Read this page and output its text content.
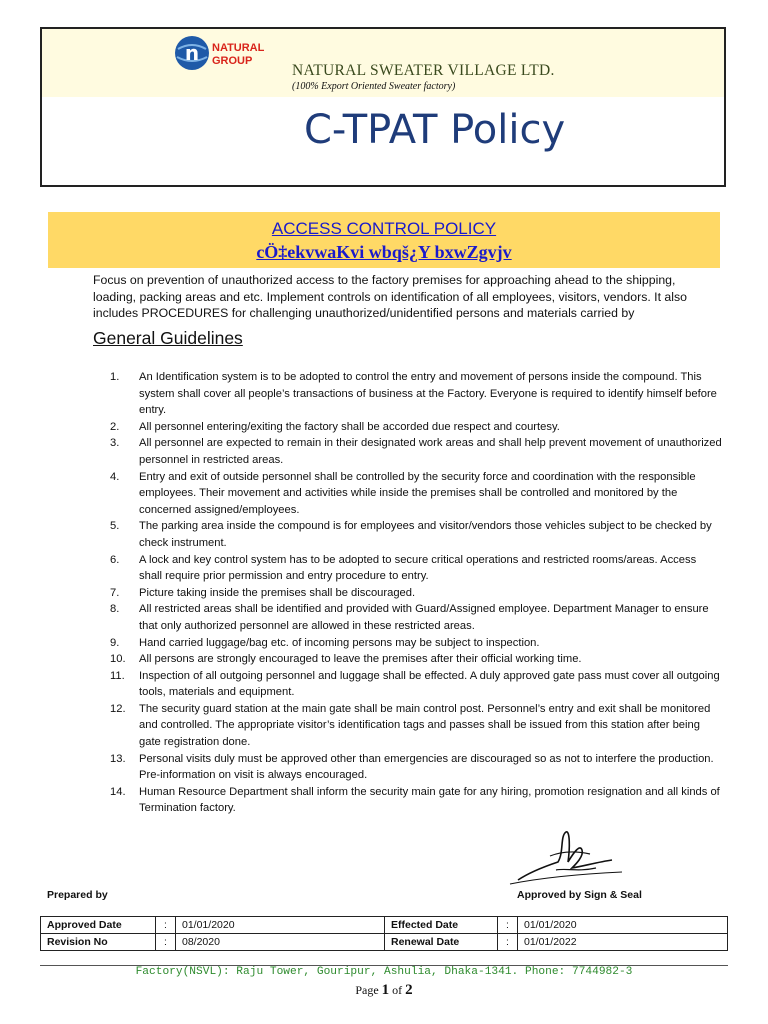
n NATURAL
GROUP
NATURAL SWEATER VILLAGE LTD.
(100% Export Oriented Sweater factory)
C-TPAT Policy
ACCESS CONTROL POLICY
cÖ‡ekvwaKvi wbqš¿Y bxwZgvjv
Focus on prevention of unauthorized access to the factory premises for approaching ahead to the shipping, loading, packing areas and etc. Implement controls on identification of all employees, visitors, vendors. It also includes PROCEDURES for challenging unauthorized/unidentified persons and materials carried by
General Guidelines
1. An Identification system is to be adopted to control the entry and movement of persons inside the compound. This system shall cover all people’s transactions of business at the Factory. Everyone is required to identify himself before entry.
2. All personnel entering/exiting the factory shall be accorded due respect and courtesy.
3. All personnel are expected to remain in their designated work areas and shall help prevent movement of unauthorized personnel in restricted areas.
4. Entry and exit of outside personnel shall be controlled by the security force and coordination with the responsible employees. Their movement and activities while inside the premises shall be controlled and monitored by the concerned assigned/employees.
5. The parking area inside the compound is for employees and visitor/vendors those vehicles subject to be checked by check instrument.
6. A lock and key control system has to be adopted to secure critical operations and restricted rooms/areas. Access shall require prior permission and entry procedure to entry.
7. Picture taking inside the premises shall be discouraged.
8. All restricted areas shall be identified and provided with Guard/Assigned employee. Department Manager to ensure that only authorized personnel are allowed in these restricted areas.
9. Hand carried luggage/bag etc. of incoming persons may be subject to inspection.
10. All persons are strongly encouraged to leave the premises after their official working time.
11. Inspection of all outgoing personnel and luggage shall be effected. A duly approved gate pass must cover all outgoing tools, materials and equipment.
12. The security guard station at the main gate shall be main control post. Personnel’s entry and exit shall be monitored and controlled. The appropriate visitor’s identification tags and passes shall be issued from this station after being gate registration done.
13. Personal visits duly must be approved other than emergencies are discouraged so as not to interfere the production. Pre-information on visit is always encouraged.
14. Human Resource Department shall inform the security main gate for any hiring, promotion resignation and all kinds of Termination factory.
Prepared by	Approved by Sign & Seal
Approved Date	:	01/01/2020	Effected Date	:	01/01/2020
Revision No	:	08/2020	Renewal Date	:	01/01/2022
Factory(NSVL): Raju Tower, Gouripur, Ashulia, Dhaka-1341. Phone: 7744982-3
Page 1 of 2
